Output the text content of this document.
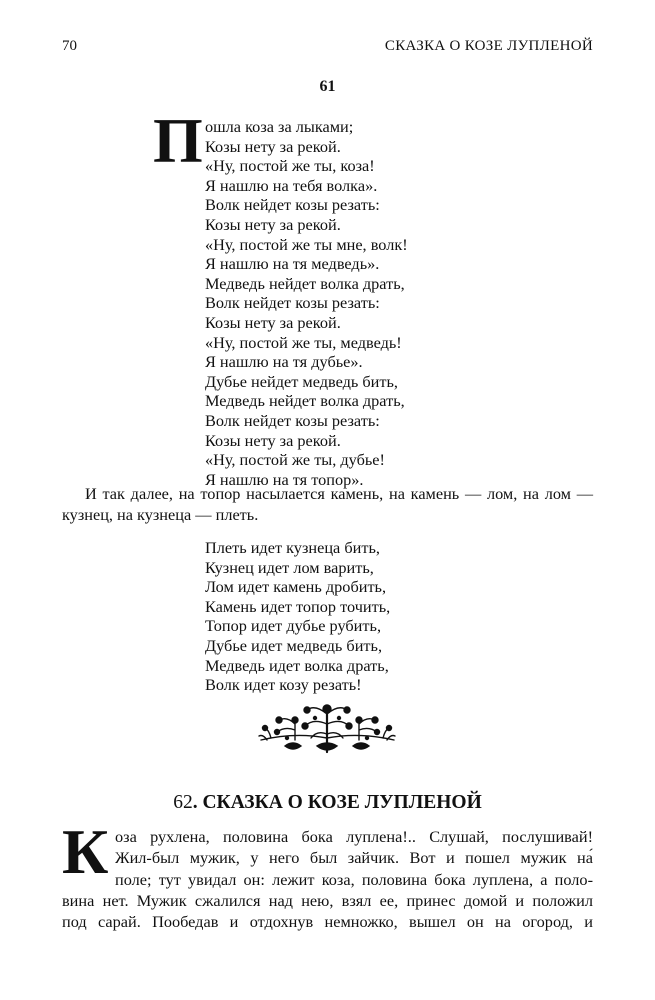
70	СКАЗКА О КОЗЕ ЛУПЛЕНОЙ
61
П ошла коза за лыками;
Козы нету за рекой.
«Ну, постой же ты, коза!
Я нашлю на тебя волка».
Волк нейдет козы резать:
Козы нету за рекой.
«Ну, постой же ты мне, волк!
Я нашлю на тя медведь».
Медведь нейдет волка драть,
Волк нейдет козы резать:
Козы нету за рекой.
«Ну, постой же ты, медведь!
Я нашлю на тя дубье».
Дубье нейдет медведь бить,
Медведь нейдет волка драть,
Волк нейдет козы резать:
Козы нету за рекой.
«Ну, постой же ты, дубье!
Я нашлю на тя топор».

И так далее, на топор насылается камень, на камень — лом, на лом — кузнец, на кузнеца — плеть.

Плеть идет кузнеца бить,
Кузнец идет лом варить,
Лом идет камень дробить,
Камень идет топор точить,
Топор идет дубье рубить,
Дубье идет медведь бить,
Медведь идет волка драть,
Волк идет козу резать!
62. СКАЗКА О КОЗЕ ЛУПЛЕНОЙ
К оза рухлена, половина бока луплена!.. Слушай, послушивай!
Жил-был мужик, у него был зайчик. Вот и пошел мужик на́
поле; тут увидал он: лежит коза, половина бока луплена, а поло-
вина нет. Мужик сжалился над нею, взял ее, принес домой и положил
под сарай. Пообедав и отдохнув немножко, вышел он на огород, и
